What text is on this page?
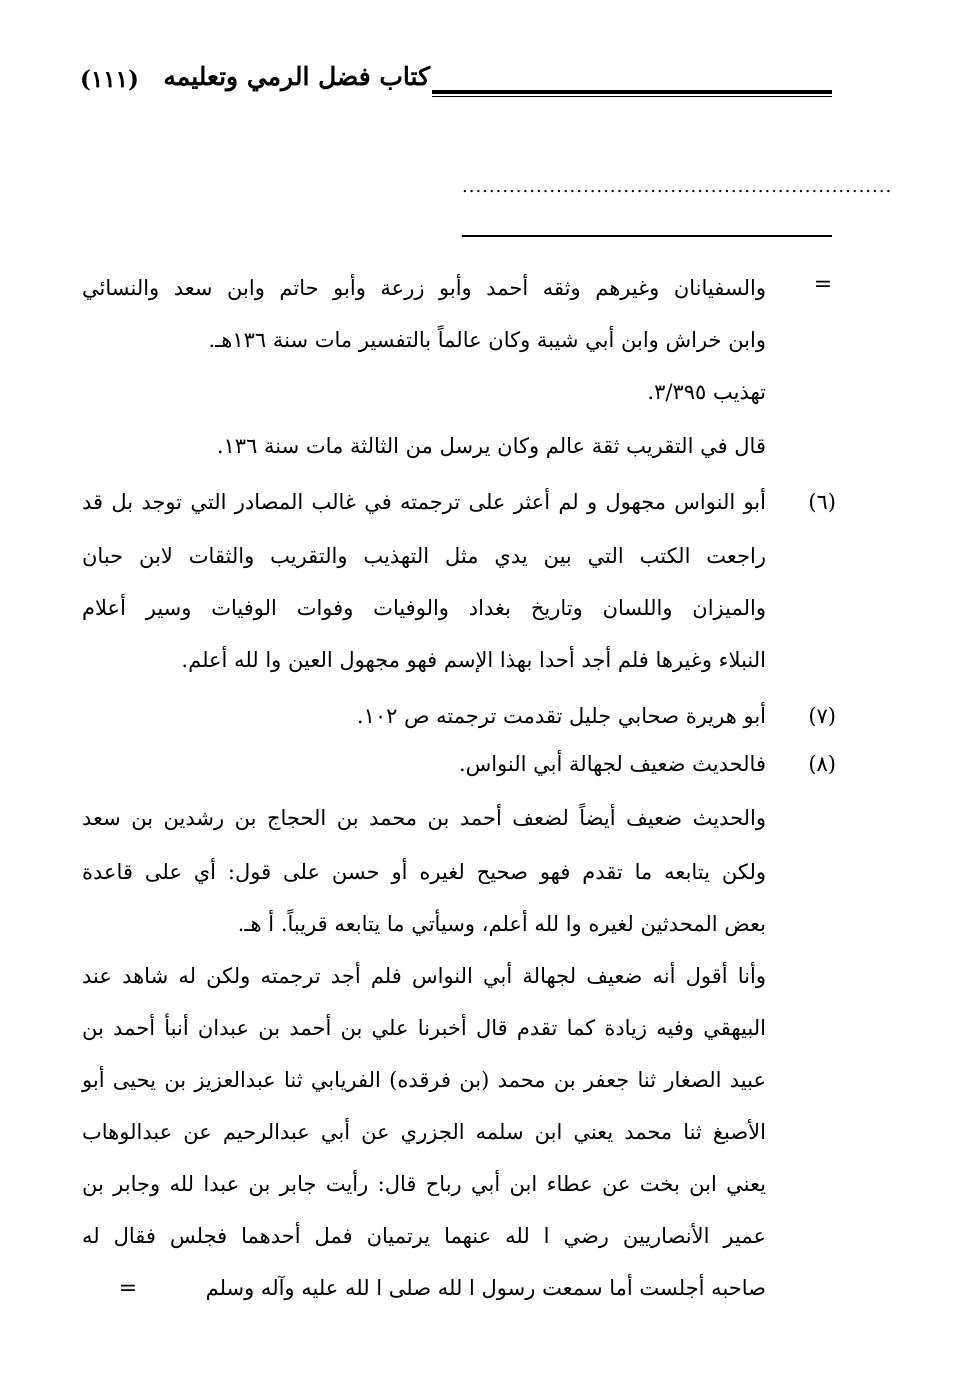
كتاب فضل الرمي وتعليمه
(١١١)
................................................................
=
=
(٦)
(٧)
(٨)
والسفيانان وغيرهم وثقه أحمد وأبو زرعة وأبو حاتم وابن سعد والنسائي
وابن خراش وابن أبي شيبة وكان عالماً بالتفسير مات سنة ١٣٦هـ.
تهذيب ٣/٣٩٥.
قال في التقريب ثقة عالم وكان يرسل من الثالثة مات سنة ١٣٦.
أبو النواس مجهول و لم أعثر على ترجمته في غالب المصادر التي توجد بل قد
راجعت الكتب التي بين يدي مثل التهذيب والتقريب والثقات لابن حبان
والميزان واللسان وتاريخ بغداد والوفيات وفوات الوفيات وسير أعلام
النبلاء وغيرها فلم أجد أحدا بهذا الإسم فهو مجهول العين وا لله أعلم.
أبو هريرة صحابي جليل تقدمت ترجمته ص ١٠٢.
فالحديث ضعيف لجهالة أبي النواس.
والحديث ضعيف أيضاً لضعف أحمد بن محمد بن الحجاج بن رشدين بن سعد
ولكن يتابعه ما تقدم فهو صحيح لغيره أو حسن على قول: أي على قاعدة
بعض المحدثين لغيره وا لله أعلم، وسيأتي ما يتابعه قريباً. أ هـ.
وأنا أقول أنه ضعيف لجهالة أبي النواس فلم أجد ترجمته ولكن له شاهد عند
البيهقي وفيه زيادة كما تقدم قال أخبرنا علي بن أحمد بن عبدان أنبأ أحمد بن
عبيد الصغار ثنا جعفر بن محمد (بن فرقده) الفريابي ثنا عبدالعزيز بن يحيى أبو
الأصبغ ثنا محمد يعني ابن سلمه الجزري عن أبي عبدالرحيم عن عبدالوهاب
يعني ابن بخت عن عطاء ابن أبي رباح قال: رأيت جابر بن عبدا لله وجابر بن
عمير الأنصاريين رضي ا لله عنهما يرتميان فمل أحدهما فجلس فقال له
صاحبه أجلست أما سمعت رسول ا لله صلى ا لله عليه وآله وسلم
